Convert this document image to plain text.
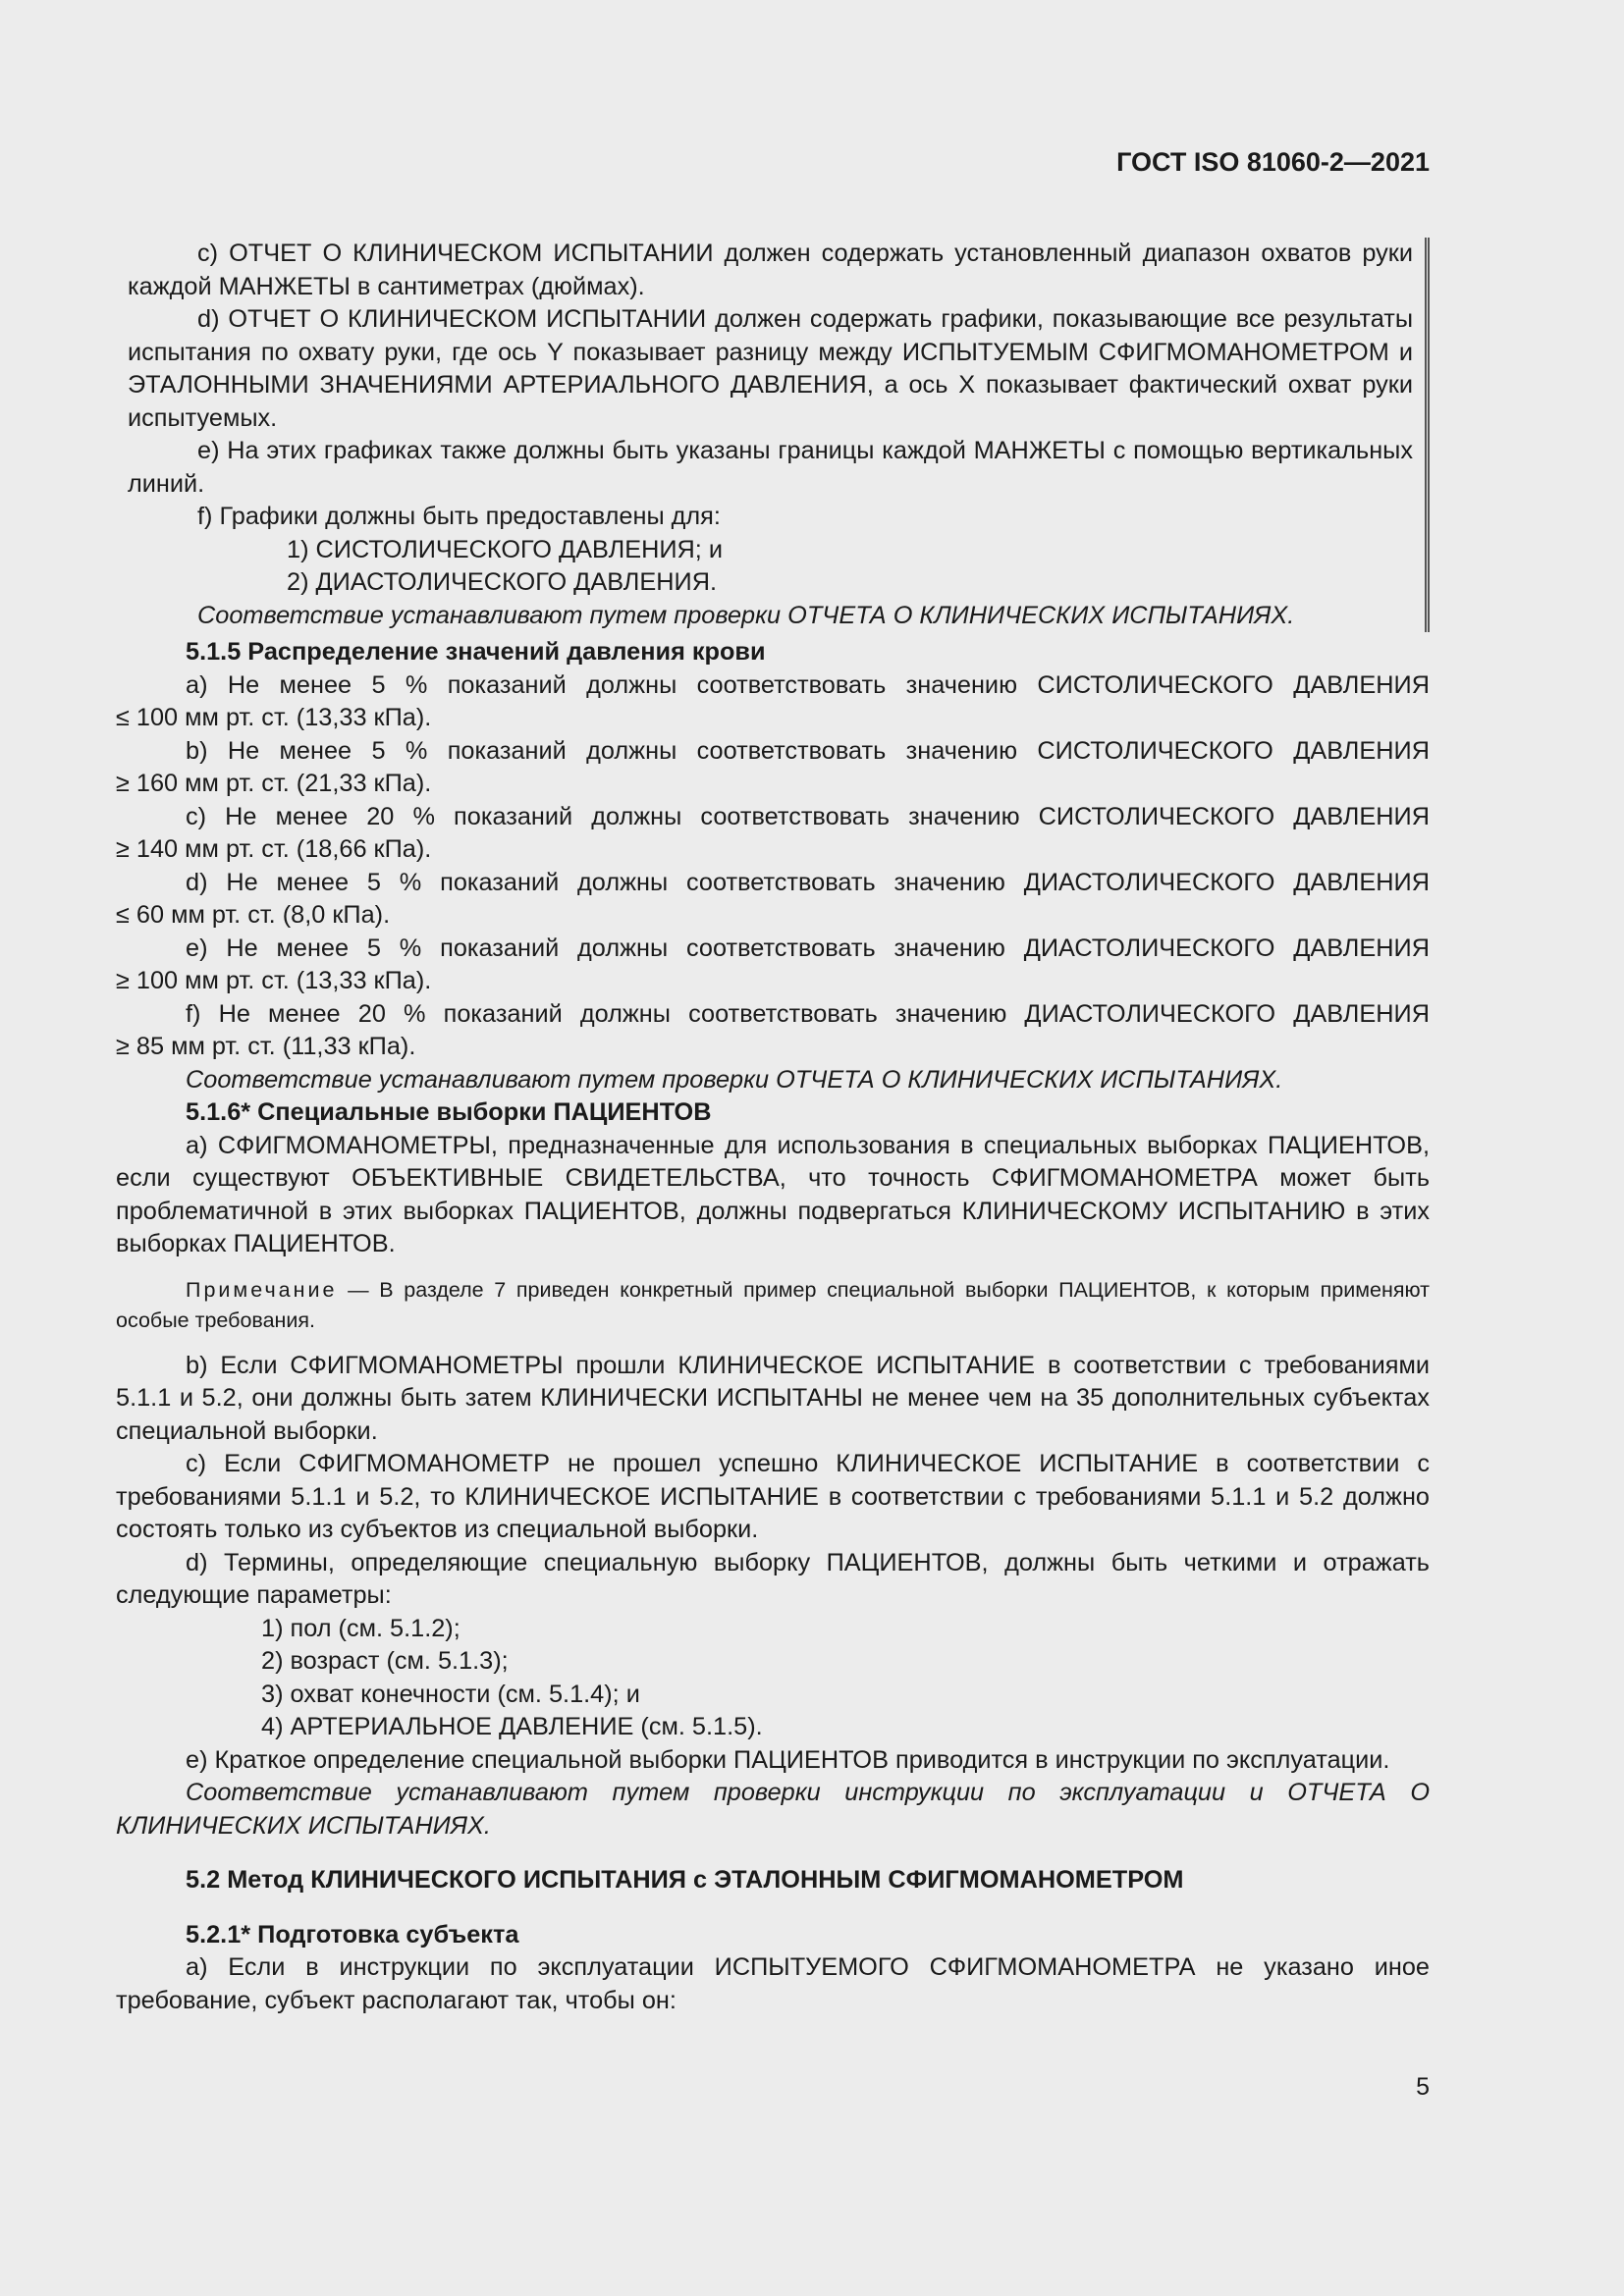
ГОСТ ISO 81060-2—2021

c) ОТЧЕТ О КЛИНИЧЕСКОМ ИСПЫТАНИИ должен содержать установленный диапазон охватов руки каждой МАНЖЕТЫ в сантиметрах (дюймах).

d) ОТЧЕТ О КЛИНИЧЕСКОМ ИСПЫТАНИИ должен содержать графики, показывающие все результаты испытания по охвату руки, где ось Y показывает разницу между ИСПЫТУЕМЫМ СФИГМОМАНОМЕТРОМ и ЭТАЛОННЫМИ ЗНАЧЕНИЯМИ АРТЕРИАЛЬНОГО ДАВЛЕНИЯ, а ось X показывает фактический охват руки испытуемых.

e) На этих графиках также должны быть указаны границы каждой МАНЖЕТЫ с помощью вертикальных линий.

f) Графики должны быть предоставлены для:

1) СИСТОЛИЧЕСКОГО ДАВЛЕНИЯ; и

2) ДИАСТОЛИЧЕСКОГО ДАВЛЕНИЯ.

Соответствие устанавливают путем проверки ОТЧЕТА О КЛИНИЧЕСКИХ ИСПЫТАНИЯХ.

5.1.5 Распределение значений давления крови

a) Не менее 5 % показаний должны соответствовать значению СИСТОЛИЧЕСКОГО ДАВЛЕНИЯ

≤ 100 мм рт. ст. (13,33 кПа).

b) Не менее 5 % показаний должны соответствовать значению СИСТОЛИЧЕСКОГО ДАВЛЕНИЯ

≥ 160 мм рт. ст. (21,33 кПа).

c) Не менее 20 % показаний должны соответствовать значению СИСТОЛИЧЕСКОГО ДАВЛЕНИЯ

≥ 140 мм рт. ст. (18,66 кПа).

d) Не менее 5 % показаний должны соответствовать значению ДИАСТОЛИЧЕСКОГО ДАВЛЕНИЯ

≤ 60 мм рт. ст. (8,0 кПа).

e) Не менее 5 % показаний должны соответствовать значению ДИАСТОЛИЧЕСКОГО ДАВЛЕНИЯ

≥ 100 мм рт. ст. (13,33 кПа).

f) Не менее 20 % показаний должны соответствовать значению ДИАСТОЛИЧЕСКОГО ДАВЛЕНИЯ

≥ 85 мм рт. ст. (11,33 кПа).

Соответствие устанавливают путем проверки ОТЧЕТА О КЛИНИЧЕСКИХ ИСПЫТАНИЯХ.

5.1.6* Специальные выборки ПАЦИЕНТОВ

a) СФИГМОМАНОМЕТРЫ, предназначенные для использования в специальных выборках ПАЦИЕНТОВ, если существуют ОБЪЕКТИВНЫЕ СВИДЕТЕЛЬСТВА, что точность СФИГМОМАНОМЕТРА может быть проблематичной в этих выборках ПАЦИЕНТОВ, должны подвергаться КЛИНИЧЕСКОМУ ИСПЫТАНИЮ в этих выборках ПАЦИЕНТОВ.

Примечание — В разделе 7 приведен конкретный пример специальной выборки ПАЦИЕНТОВ, к которым применяют особые требования.

b) Если СФИГМОМАНОМЕТРЫ прошли КЛИНИЧЕСКОЕ ИСПЫТАНИЕ в соответствии с требованиями 5.1.1 и 5.2, они должны быть затем КЛИНИЧЕСКИ ИСПЫТАНЫ не менее чем на 35 дополнительных субъектах специальной выборки.

c) Если СФИГМОМАНОМЕТР не прошел успешно КЛИНИЧЕСКОЕ ИСПЫТАНИЕ в соответствии с требованиями 5.1.1 и 5.2, то КЛИНИЧЕСКОЕ ИСПЫТАНИЕ в соответствии с требованиями 5.1.1 и 5.2 должно состоять только из субъектов из специальной выборки.

d) Термины, определяющие специальную выборку ПАЦИЕНТОВ, должны быть четкими и отражать следующие параметры:

1) пол (см. 5.1.2);

2) возраст (см. 5.1.3);

3) охват конечности (см. 5.1.4); и

4) АРТЕРИАЛЬНОЕ ДАВЛЕНИЕ (см. 5.1.5).

e) Краткое определение специальной выборки ПАЦИЕНТОВ приводится в инструкции по эксплуатации.

Соответствие устанавливают путем проверки инструкции по эксплуатации и ОТЧЕТА О КЛИНИЧЕСКИХ ИСПЫТАНИЯХ.

5.2 Метод КЛИНИЧЕСКОГО ИСПЫТАНИЯ с ЭТАЛОННЫМ СФИГМОМАНОМЕТРОМ

5.2.1* Подготовка субъекта

a) Если в инструкции по эксплуатации ИСПЫТУЕМОГО СФИГМОМАНОМЕТРА не указано иное требование, субъект располагают так, чтобы он:

5
